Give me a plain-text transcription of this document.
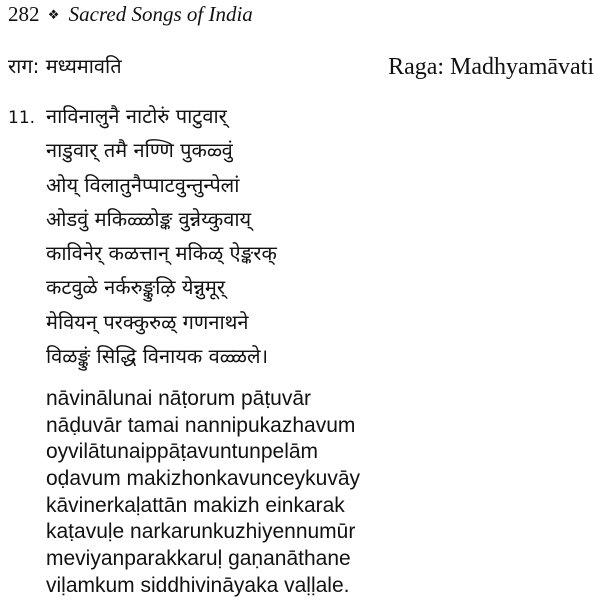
282 ❖ Sacred Songs of India
राग: मध्यमावति	Raga: Madhyamāvati
11. नाविनालुनै नाटोरुं पाटुवार्
नाडुवार् तमै नण्णि पुकळ्वुं
ओय् विलातुनैप्पाटवुन्तुन्पेलां
ओडवुं मकिळ्ळोङ्क वुन्नेय्कुवाय्
काविनेर् कळत्तान् मकिळ् ऐङ्करक्
कटवुळे नर्करुङ्कुऴि येन्नुमूर्
मेवियन् परक्कुरुळ् गणनाथने
विळङ्कुं सिद्धि विनायक वळ्ळले।
nāvinālunai nāṭorum pāṭuvār
nāḍuvār tamai nannipukazhavum
oyvilātunaippāṭavuntunpelām
oḍavum makizhonkavunceykuvāy
kāvinerkaḷattān makizh einkarak
kaṭavuḷe narkarunkuzhiyennumūr
meviyanparakkaruḷ gaṇanāthane
viḷamkum siddhivināyaka vaḷḷale.
